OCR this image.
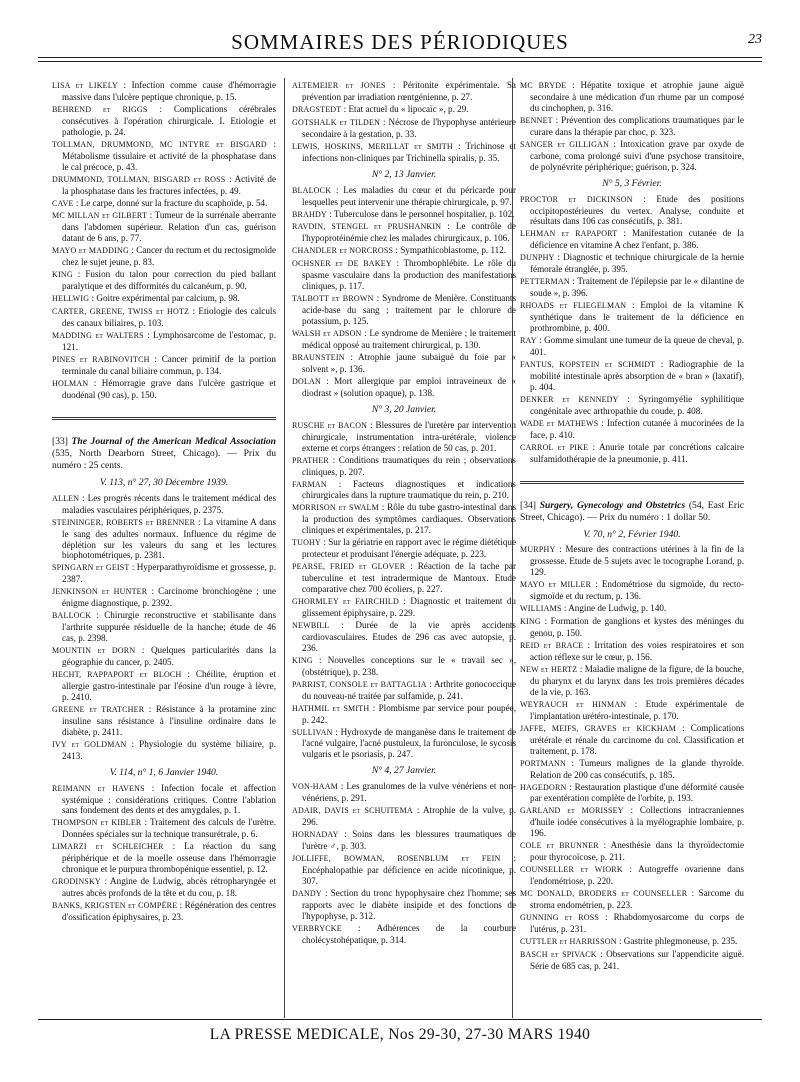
SOMMAIRES DES PÉRIODIQUES	23
LISA et LIKELY : Infection comme cause d'hémorragie massive dans l'ulcère peptique chronique, p. 15.
BEHREND et RIGGS : Complications cérébrales consécutives à l'opération chirurgicale. I. Etiologie et pathologie, p. 24.
TOLLMAN, DRUMMOND, MC INTYRE et BISGARD : Métabolisme tissulaire et activité de la phosphatase dans le cal précoce, p. 43.
DRUMMOND, TOLLMAN, BISGARD et ROSS : Activité de la phosphatase dans les fractures infectées, p. 49.
CAVE : Le carpe, donné sur la fracture du scaphoïde, p. 54.
MC MILLAN et GILBERT : Tumeur de la surrénale aberrante dans l'abdomen supérieur. Relation d'un cas, guérison datant de 6 ans, p. 77.
MAYO et MADDING : Cancer du rectum et du rectosigmoïde chez le sujet jeune, p. 83.
KING : Fusion du talon pour correction du pied ballant paralytique et des difformités du calcanéum, p. 90.
HELLWIG : Goitre expérimental par calcium, p. 98.
CARTER, GREENE, TWISS et HOTZ : Etiologie des calculs des canaux biliaires, p. 103.
MADDING et WALTERS : Lymphosarcome de l'estomac, p. 121.
PINES et RABINOVITCH : Cancer primitif de la portion terminale du canal biliaire commun, p. 134.
HOLMAN : Hémorragie grave dans l'ulcère gastrique et duodénal (90 cas), p. 150.
[33] The Journal of the American Medical Association (535, North Dearborn Street, Chicago). — Prix du numéro : 25 cents.
V. 113, n° 27, 30 Décembre 1939.
ALLEN : Les progrès récents dans le traitement médical des maladies vasculaires périphériques, p. 2375.
STEININGER, ROBERTS et BRENNER : La vitamine A dans le sang des adultes normaux. Influence du régime de déplétion sur les valeurs du sang et les lectures biophotométriques, p. 2381.
SPINGARN et GEIST : Hyperparathyroïdisme et grossesse, p. 2387.
JENKINSON et HUNTER : Carcinome bronchiogène ; une énigme diagnostique, p. 2392.
BALLOCK : Chirurgie reconstructive et stabilisante dans l'arthrite suppurée résiduelle de la hanche; étude de 46 cas, p. 2398.
MOUNTIN et DORN : Quelques particularités dans la géographie du cancer, p. 2405.
HECHT, RAPPAPORT et BLOCH : Chéilite, éruption et allergie gastro-intestinale par l'éosine d'un rouge à lèvre, p. 2410.
GREENE et TRATCHER : Résistance à la protamine zinc insuline sans résistance à l'insuline ordinaire dans le diabète, p. 2411.
IVY et GOLDMAN : Physiologie du système biliaire, p. 2413.
V. 114, n° 1, 6 Janvier 1940.
REIMANN et HAVENS : Infection focale et affection systémique : considérations critiques. Contre l'ablation sans fondement des dents et des amygdales, p. 1.
THOMPSON et KIBLER : Traitement des calculs de l'urètre. Données spéciales sur la technique transurétrale, p. 6.
LIMARZI et SCHLEICHER : La réaction du sang périphérique et de la moelle osseuse dans l'hémorragie chronique et le purpura thrombopénique essentiel, p. 12.
GRODINSKY : Angine de Ludwig, abcès rétropharyngée et autres abcès profonds de la tête et du cou, p. 18.
BANKS, KRIGSTEN et COMPÈRE : Régénération des centres d'ossification épiphysaires, p. 23.
ALTEMEIER et JONES : Péritonite expérimentale. Sa prévention par irradiation rœntgénienne, p. 27.
DRAGSTEDT : Etat actuel du « lipocaïc », p. 29.
GOTSHALK et TILDEN : Nécrose de l'hypophyse antérieure secondaire à la gestation, p. 33.
LEWIS, HOSKINS, MERILLAT et SMITH : Trichinose et infections non-cliniques par Trichinella spiralis, p. 35.
N° 2, 13 Janvier.
BLALOCK : Les maladies du cœur et du péricarde pour lesquelles peut intervenir une thérapie chirurgicale, p. 97.
BRAHDY : Tuberculose dans le personnel hospitalier, p. 102.
RAVDIN, STENGEL et PRUSHANKIN : Le contrôle de l'hypoprotéinémie chez les malades chirurgicaux, p. 106.
CHANDLER et NORCROSS : Sympathicoblastome, p. 112.
OCHSNER et DE BAKEY : Thrombophlébite. Le rôle du spasme vasculaire dans la production des manifestations cliniques, p. 117.
TALBOTT et BROWN : Syndrome de Menière. Constituants acide-base du sang ; traitement par le chlorure de potassium, p. 125.
WALSH et ADSON : Le syndrome de Menière ; le traitement médical opposé au traitement chirurgical, p. 130.
BRAUNSTEIN : Atrophie jaune subaiguë du foie par « solvent », p. 136.
DOLAN : Mort allergique par emploi intraveineux de « diodrast » (solution opaque), p. 138.
N° 3, 20 Janvier.
RUSCHE et BACON : Blessures de l'uretère par intervention chirurgicale, instrumentation intra-urétérale, violence externe et corps étrangers : relation de 50 cas, p. 201.
PRATHER : Conditions traumatiques du rein ; observations cliniques, p. 207.
FARMAN : Facteurs diagnostiques et indications chirurgicales dans la rupture traumatique du rein, p. 210.
MORRISON et SWALM : Rôle du tube gastro-intestinal dans la production des symptômes cardiaques. Observations cliniques et expérimentales, p. 217.
TUOHY : Sur la gériatrie en rapport avec le régime diététique protecteur et produisant l'énergie adéquate, p. 223.
PEARSE, FRIED et GLOVER : Réaction de la tache par tuberculine et test intradermique de Mantoux. Etude comparative chez 700 écoliers, p. 227.
GHORMLEY et FAIRCHILD : Diagnostic et traitement du glissement épiphysaire, p. 229.
NEWBILL : Durée de la vie après accidents cardiovasculaires. Etudes de 296 cas avec autopsie, p. 236.
KING : Nouvelles conceptions sur le « travail sec », (obstétrique), p. 238.
PARRIST, CONSOLE et BATTAGLIA : Arthrite gonococcique du nouveau-né traitée par sulfamide, p. 241.
HATHMIL et SMITH : Plombisme par service pour poupée, p. 242.
SULLIVAN : Hydroxyde de manganèse dans le traitement de l'acné vulgaire, l'acné pustuleux, la furonculose, le sycosis vulgaris et le psoriasis, p. 247.
N° 4, 27 Janvier.
VON-HAAM : Les granulomes de la vulve vénériens et non-vénériens, p. 291.
ADAIR, DAVIS et SCHUITEMA : Atrophie de la vulve, p. 296.
HORNADAY : Soins dans les blessures traumatiques de l'urètre ♂, p. 303.
JOLLIFFE, BOWMAN, ROSENBLUM et FEIN : Encéphalopathie par déficience en acide nicotinique, p. 307.
DANDY : Section du tronc hypophysaire chez l'homme; ses rapports avec le diabète insipide et des fonctions de l'hypophyse, p. 312.
VERBRYCKE : Adhérences de la courbure cholécystohépatique, p. 314.
MC BRYDE : Hépatite toxique et atrophie jaune aiguë secondaire à une médication d'un rhume par un composé du cinchophen, p. 316.
BENNET : Prévention des complications traumatiques par le curare dans la thérapie par choc, p. 323.
SANGER et GILLIGAN : Intoxication grave par oxyde de carbone, coma prolongé suivi d'une psychose transitoire, de polynévrite périphérique; guérison, p. 324.
N° 5, 3 Février.
PROCTOR et DICKINSON : Etude des positions occipitopostérieures du vertex. Analyse, conduite et résultats dans 106 cas consécutifs, p. 381.
LEHMAN et RAPAPORT : Manifestation cutanée de la déficience en vitamine A chez l'enfant, p. 386.
DUNPHY : Diagnostic et technique chirurgicale de la hernie fémorale étranglée, p. 395.
PETTERMAN : Traitement de l'épilepsie par le « dilantine de soude », p. 396.
RHOADS et FLIEGELMAN : Emploi de la vitamine K synthétique dans le traitement de la déficience en prothrombine, p. 400.
RAY : Gomme simulant une tumeur de la queue de cheval, p. 401.
FANTUS, KOPSTEIN et SCHMIDT : Radiographie de la mobilité intestinale après absorption de « bran » (laxatif), p. 404.
DENKER et KENNEDY : Syringomyélie syphilitique congénitale avec arthropathie du coude, p. 408.
WADE et MATHEWS : Infection cutanée à mucorinées de la face, p. 410.
CARROL et PIKE : Anurie totale par concrétions calcaire sulfamidothérapie de la pneumonie, p. 411.
[34] Surgery, Gynecology and Obstetrics (54, East Eric Street, Chicago). — Prix du numéro : 1 dollar 50.
V. 70, n° 2, Février 1940.
MURPHY : Mesure des contractions utérines à la fin de la grossesse. Etude de 5 sujets avec le tocographe Lorand, p. 129.
MAYO et MILLER : Endométriose du sigmoïde, du recto-sigmoïde et du rectum, p. 136.
WILLIAMS : Angine de Ludwig, p. 140.
KING : Formation de ganglions et kystes des méninges du genou, p. 150.
REID et BRACE : Irritation des voies respiratoires et son action réflexe sur le cœur, p. 156.
NEW et HERTZ : Maladie maligne de la figure, de la bouche, du pharynx et du larynx dans les trois premières décades de la vie, p. 163.
WEYRAUCH et HINMAN : Etude expérimentale de l'implantation urétéro-intestinale, p. 170.
JAFFE, MEIFS, GRAVES et KICKHAM : Complications urétérale et rénale du carcinome du col. Classification et traitement, p. 178.
PORTMANN : Tumeurs malignes de la glande thyroïde. Relation de 200 cas consécutifs, p. 185.
HAGEDORN : Restauration plastique d'une déformité causée par exentération complète de l'orbite, p. 193.
GARLAND et MORISSEY : Collections intracraniennes d'huile iodée consécutives à la myélographie lombaire, p. 196.
COLE et BRUNNER : Anesthésie dans la thyroïdectomie pour thyrocoïcose, p. 211.
COUNSELLER et WIORK : Autogreffe ovarienne dans l'endométriose, p. 220.
MC DONALD, BRODERS et COUNSELLER : Sarcome du stroma endométrien, p. 223.
GUNNING et ROSS : Rhabdomyosarcome du corps de l'utérus, p. 231.
CUTTLER et HARRISSON : Gastrite phlegmoneuse, p. 235.
BASCH et SPIVACK : Observations sur l'appendicite aiguë. Série de 685 cas, p. 241.
LA PRESSE MEDICALE, Nos 29-30, 27-30 MARS 1940
